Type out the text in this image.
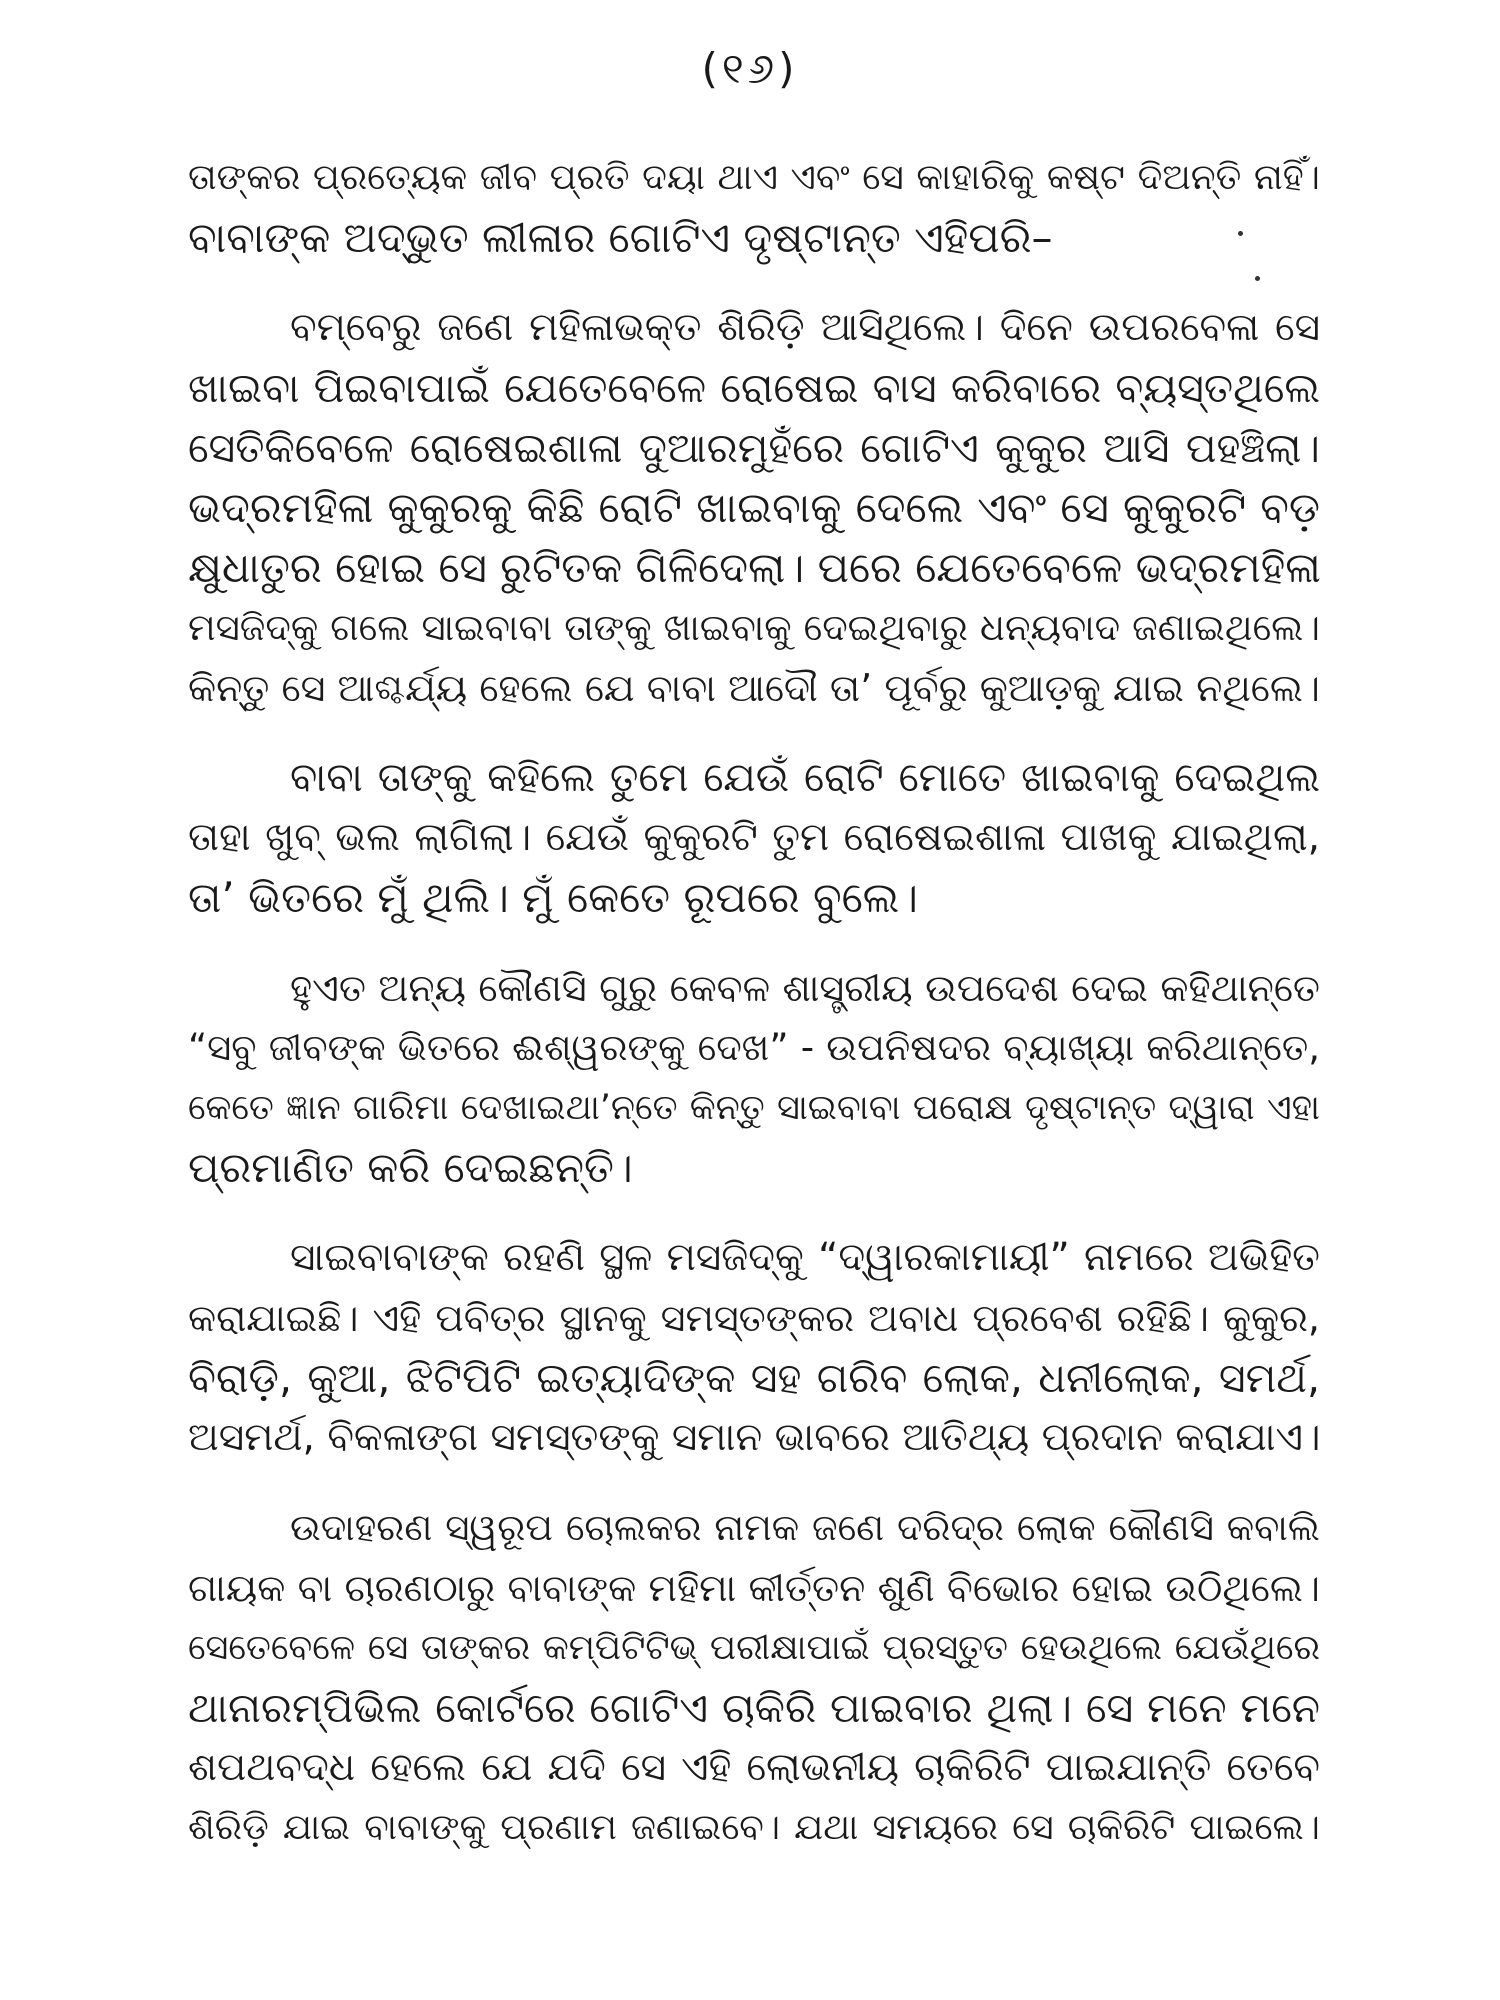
(୧୬)
ତାଙ୍କର ପ୍ରତ୍ୟେକ ଜୀବ ପ୍ରତି ଦୟା ଥାଏ ଏବଂ ସେ କାହାରିକୁ କଷ୍ଟ ଦିଅନ୍ତି ନାହିଁ।
ବାବାଙ୍କ ଅଦ୍‌ଭୁତ ଲୀଳାର ଗୋଟିଏ ଦୃଷ୍ଟାନ୍ତ ଏହିପରି–
ବମ୍ବେରୁ ଜଣେ ମହିଳାଭକ୍ତ ଶିରିଡ଼ି ଆସିଥିଲେ। ଦିନେ ଉପରବେଳା ସେ
ଖାଇବା ପିଇବାପାଇଁ ଯେତେବେଳେ ରୋଷେଇ ବାସ କରିବାରେ ବ୍ୟସ୍ତଥିଲେ
ସେତିକିବେଳେ ରୋଷେଇଶାଳା ଦୁଆରମୁହଁରେ ଗୋଟିଏ କୁକୁର ଆସି ପହଞ୍ଚିଲା।
ଭଦ୍ରମହିଳା କୁକୁରକୁ କିଛି ରୋଟି ଖାଇବାକୁ ଦେଲେ ଏବଂ ସେ କୁକୁରଟି ବଡ଼
କ୍ଷୁଧାତୁର ହୋଇ ସେ ରୁଟିତକ ଗିଳିଦେଲା। ପରେ ଯେତେବେଳେ ଭଦ୍ରମହିଳା
ମସଜିଦ୍‌କୁ ଗଲେ ସାଇବାବା ତାଙ୍କୁ ଖାଇବାକୁ ଦେଇଥିବାରୁ ଧନ୍ୟବାଦ ଜଣାଇଥିଲେ।
କିନ୍ତୁ ସେ ଆଶ୍ଚର୍ଯ୍ୟ ହେଲେ ଯେ ବାବା ଆଦୌ ତା’ ପୂର୍ବରୁ କୁଆଡ଼କୁ ଯାଇ ନଥିଲେ।
ବାବା ତାଙ୍କୁ କହିଲେ ତୁମେ ଯେଉଁ ରୋଟି ମୋତେ ଖାଇବାକୁ ଦେଇଥିଲ
ତାହା ଖୁବ୍ ଭଲ ଲାଗିଲା। ଯେଉଁ କୁକୁରଟି ତୁମ ରୋଷେଇଶାଳା ପାଖକୁ ଯାଇଥିଲା,
ତା’ ଭିତରେ ମୁଁ ଥିଲି। ମୁଁ କେତେ ରୂପରେ ବୁଲେ।
ହୁଏତ ଅନ୍ୟ କୌଣସି ଗୁରୁ କେବଳ ଶାସ୍ତ୍ରୀୟ ଉପଦେଶ ଦେଇ କହିଥାନ୍ତେ
“ସବୁ ଜୀବଙ୍କ ଭିତରେ ଈଶ୍ୱରଙ୍କୁ ଦେଖ” - ଉପନିଷଦର ବ୍ୟାଖ୍ୟା କରିଥାନ୍ତେ,
କେତେ ଜ୍ଞାନ ଗାରିମା ଦେଖାଇଥା’ନ୍ତେ କିନ୍ତୁ ସାଇବାବା ପରୋକ୍ଷ ଦୃଷ୍ଟାନ୍ତ ଦ୍ୱାରା ଏହା
ପ୍ରମାଣିତ କରି ଦେଇଛନ୍ତି।
ସାଇବାବାଙ୍କ ରହଣି ସ୍ଥଳ ମସଜିଦ୍‌କୁ “ଦ୍ୱାରକାମାୟୀ” ନାମରେ ଅଭିହିତ
କରାଯାଇଛି। ଏହି ପବିତ୍ର ସ୍ଥାନକୁ ସମସ୍ତଙ୍କର ଅବାଧ ପ୍ରବେଶ ରହିଛି। କୁକୁର,
ବିରାଡ଼ି, କୁଆ, ଝିଟିପିଟି ଇତ୍ୟାଦିଙ୍କ ସହ ଗରିବ ଲୋକ, ଧନୀଲୋକ, ସମର୍ଥ,
ଅସମର୍ଥ, ବିକଳାଙ୍ଗ ସମସ୍ତଙ୍କୁ ସମାନ ଭାବରେ ଆତିଥ୍ୟ ପ୍ରଦାନ କରାଯାଏ।
ଉଦାହରଣ ସ୍ୱରୂପ ଚୋଲକର ନାମକ ଜଣେ ଦରିଦ୍ର ଲୋକ କୌଣସି କବାଲି
ଗାୟକ ବା ଚାରଣଠାରୁ ବାବାଙ୍କ ମହିମା କୀର୍ତ୍ତନ ଶୁଣି ବିଭୋର ହୋଇ ଉଠିଥିଲେ।
ସେତେବେଳେ ସେ ତାଙ୍କର କମ୍ପିଟିଟିଭ୍ ପରୀକ୍ଷାପାଇଁ ପ୍ରସ୍ତୁତ ହେଉଥିଲେ ଯେଉଁଥିରେ
ଥାନାରମ୍ପିଭିଲ କୋର୍ଟରେ ଗୋଟିଏ ଚାକିରି ପାଇବାର ଥିଲା। ସେ ମନେ ମନେ
ଶପଥବଦ୍ଧ ହେଲେ ଯେ ଯଦି ସେ ଏହି ଲୋଭନୀୟ ଚାକିରିଟି ପାଇଯାନ୍ତି ତେବେ
ଶିରିଡ଼ି ଯାଇ ବାବାଙ୍କୁ ପ୍ରଣାମ ଜଣାଇବେ। ଯଥା ସମୟରେ ସେ ଚାକିରିଟି ପାଇଲେ।
